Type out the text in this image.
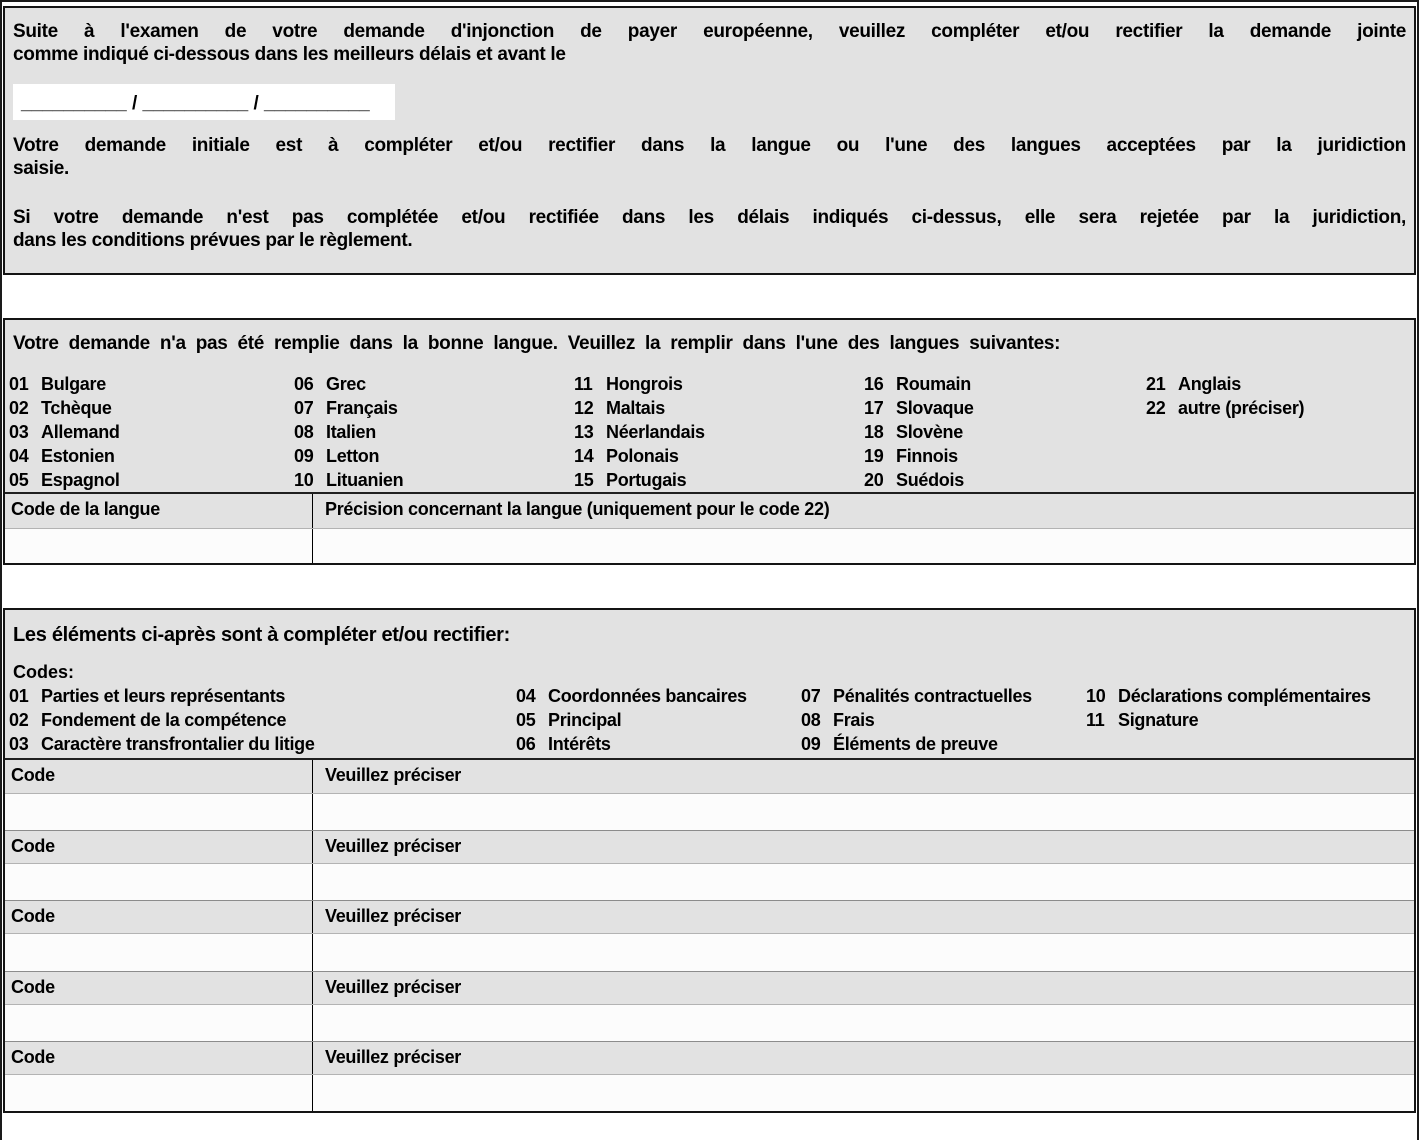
Suite à l'examen de votre demande d'injonction de payer européenne, veuillez compléter et/ou rectifier la demande jointe
comme indiqué ci-dessous dans les meilleurs délais et avant le
__________ / __________ / __________
Votre demande initiale est à compléter et/ou rectifier dans la langue ou l'une des langues acceptées par la juridiction
saisie.
Si votre demande n'est pas complétée et/ou rectifiée dans les délais indiqués ci-dessus, elle sera rejetée par la juridiction,
dans les conditions prévues par le règlement.
Votre demande n'a pas été remplie dans la bonne langue. Veuillez la remplir dans l'une des langues suivantes:
01 Bulgare
02 Tchèque
03 Allemand
04 Estonien
05 Espagnol
06 Grec
07 Français
08 Italien
09 Letton
10 Lituanien
11 Hongrois
12 Maltais
13 Néerlandais
14 Polonais
15 Portugais
16 Roumain
17 Slovaque
18 Slovène
19 Finnois
20 Suédois
21 Anglais
22 autre (préciser)
Code de la langue	Précision concernant la langue (uniquement pour le code 22)
Les éléments ci-après sont à compléter et/ou rectifier:
Codes:
01 Parties et leurs représentants
02 Fondement de la compétence
03 Caractère transfrontalier du litige
04 Coordonnées bancaires
05 Principal
06 Intérêts
07 Pénalités contractuelles
08 Frais
09 Éléments de preuve
10 Déclarations complémentaires
11 Signature
Code	Veuillez préciser
Code	Veuillez préciser
Code	Veuillez préciser
Code	Veuillez préciser
Code	Veuillez préciser
